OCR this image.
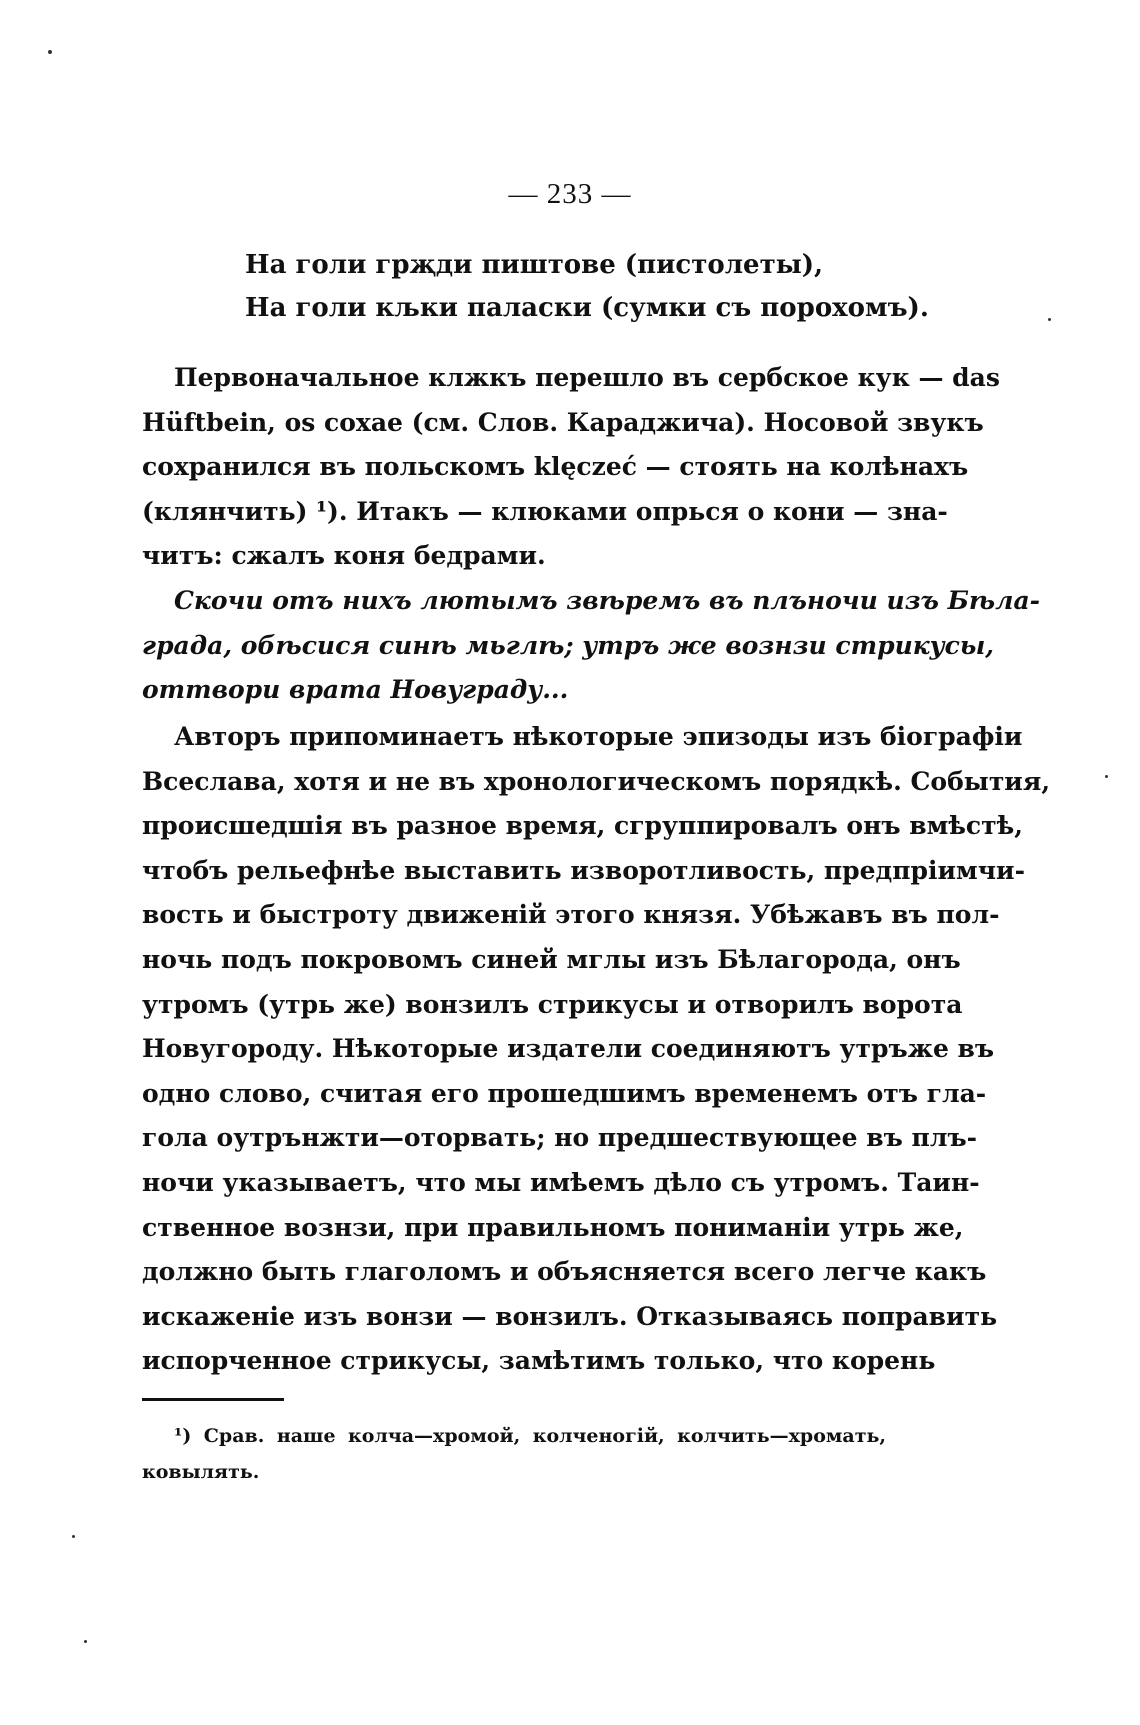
— 233 —
На голи грҗди пиштове (пистолеты),
На голи кљки паласки (сумки съ порохомъ).
Первоначальное клжкъ перешло въ сербское кук — das
Hüftbein, os coxae (см. Слов. Караджича). Носовой звукъ
сохранился въ польскомъ klęczeć — стоять на колѣнахъ
(клянчить) ¹). Итакъ — клюками опрься о кони — зна-
читъ: сжалъ коня бедрами.
Скочи отъ нихъ лютымъ звѣремъ въ плъночи изъ Бѣла-
града, обѣсися синѣ мьглѣ; утръ же вознзи стрикусы,
оттвори врата Новуграду...
Авторъ припоминаетъ нѣкоторые эпизоды изъ біографіи
Всеслава, хотя и не въ хронологическомъ порядкѣ. События,
происшедшія въ разное время, сгруппировалъ онъ вмѣстѣ,
чтобъ рельефнѣе выставить изворотливость, предпріимчи-
вость и быстроту движеній этого князя. Убѣжавъ въ пол-
ночь подъ покровомъ синей мглы изъ Бѣлагорода, онъ
утромъ (утрь же) вонзилъ стрикусы и отворилъ ворота
Новугороду. Нѣкоторые издатели соединяютъ утръже въ
одно слово, считая его прошедшимъ временемъ отъ гла-
гола оутрънжти—оторвать; но предшествующее въ плъ-
ночи указываетъ, что мы имѣемъ дѣло съ утромъ. Таин-
ственное вознзи, при правильномъ пониманіи утрь же,
должно быть глаголомъ и объясняется всего легче какъ
искаженіе изъ вонзи — вонзилъ. Отказываясь поправить
испорченное стрикусы, замѣтимъ только, что корень
¹) Срав. наше колча—хромой, колченогій, колчить—хромать,
ковылять.
